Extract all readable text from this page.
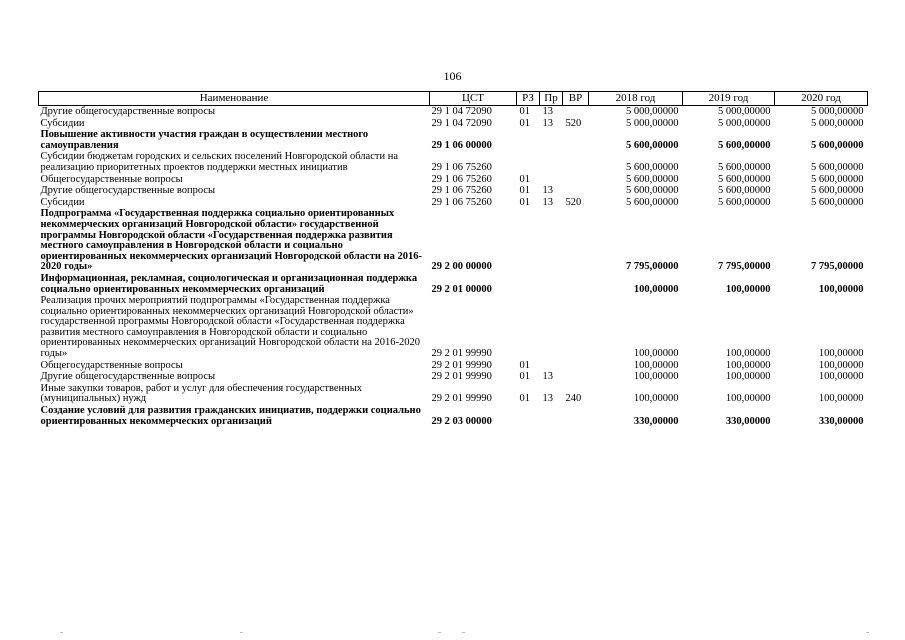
106
Наименование	ЦСТ	РЗ	Пр	ВР	2018 год	2019 год	2020 год
Другие общегосударственные вопросы	29 1 04 72090	01	13		5 000,00000	5 000,00000	5 000,00000
Субсидии	29 1 04 72090	01	13	520	5 000,00000	5 000,00000	5 000,00000
Повышение активности участия граждан в осуществлении местного самоуправления	29 1 06 00000				5 600,00000	5 600,00000	5 600,00000
Субсидии бюджетам городских и сельских поселений Новгородской области на реализацию приоритетных проектов поддержки местных инициатив	29 1 06 75260				5 600,00000	5 600,00000	5 600,00000
Общегосударственные вопросы	29 1 06 75260	01			5 600,00000	5 600,00000	5 600,00000
Другие общегосударственные вопросы	29 1 06 75260	01	13		5 600,00000	5 600,00000	5 600,00000
Субсидии	29 1 06 75260	01	13	520	5 600,00000	5 600,00000	5 600,00000
Подпрограмма «Государственная поддержка социально ориентированных некоммерческих организаций Новгородской области» государственной программы Новгородской области «Государственная поддержка развития местного самоуправления в Новгородской области и социально ориентированных некоммерческих организаций Новгородской области на 2016-2020 годы»	29 2 00 00000				7 795,00000	7 795,00000	7 795,00000
Информационная, рекламная, социологическая и организационная поддержка социально ориентированных некоммерческих организаций	29 2 01 00000				100,00000	100,00000	100,00000
Реализация прочих мероприятий подпрограммы «Государственная поддержка социально ориентированных некоммерческих организаций Новгородской области» государственной программы Новгородской области «Государственная поддержка развития местного самоуправления в Новгородской области и социально ориентированных некоммерческих организаций Новгородской области на 2016-2020 годы»	29 2 01 99990				100,00000	100,00000	100,00000
Общегосударственные вопросы	29 2 01 99990	01			100,00000	100,00000	100,00000
Другие общегосударственные вопросы	29 2 01 99990	01	13		100,00000	100,00000	100,00000
Иные закупки товаров, работ и услуг для обеспечения государственных (муниципальных) нужд	29 2 01 99990	01	13	240	100,00000	100,00000	100,00000
Создание условий для развития гражданских инициатив, поддержки социально ориентированных некоммерческих организаций	29 2 03 00000				330,00000	330,00000	330,00000
